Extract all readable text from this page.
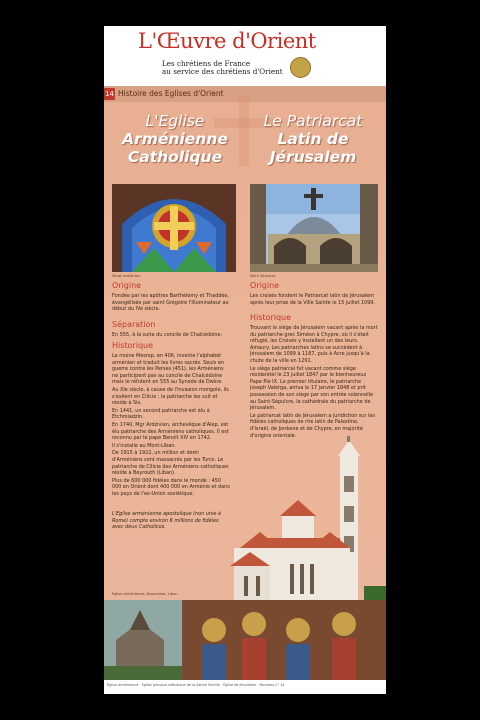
L'Œuvre d'Orient
Les chrétiens de France
au service des chrétiens d'Orient
14 Histoire des Eglises d'Orient
L'Eglise
Arménienne
Catholique
Le Patriarcat
Latin de
Jérusalem
Vitrail arménien	Saint-Sépulcre
Origine
Fondée par les apôtres Barthélemy et Thaddée, évangélisée par saint Grégoire l'Illuminateur au début du IVe siècle.
Séparation
En 555, à la suite du concile de Chalcédoine.
Historique

Le moine Mesrop, en 406, invente l'alphabet arménien et traduit les livres sacrés. Seuls en guerre contre les Perses (451), les Arméniens ne participent pas au concile de Chalcédoine mais le réfutent en 555 au Synode de Dwine.

Au XIe siècle, à cause de l'invasion mongole, ils s'exilent en Cilicie ; le patriarche les suit et réside à Sis.

En 1441, un second patriarche est élu à Etchmiadzin.

En 1740, Mgr Ardzivian, archevêque d'Alep, est élu patriarche des Arméniens catholiques. Il est reconnu par le pape Benoît XIV en 1742.

Il s'installe au Mont-Liban.

De 1915 à 1922, un million et demi d'Arméniens sont massacrés par les Turcs. Le patriarche de Cilicie des Arméniens catholiques réside à Beyrouth (Liban).

Plus de 600 000 fidèles dans le monde : 450 000 en Orient dont 400 000 en Arménie et dans les pays de l'ex-Union soviétique.

L'Eglise arménienne apostolique (non unie à Rome) compte environ 6 millions de fidèles avec deux Catholicos.
Origine
Les croisés fondent le Patriarcat latin de Jérusalem après leur prise de la Ville Sainte le 15 juillet 1099.
Historique

Trouvant le siège de Jérusalem vacant après la mort du patriarche grec Siméon à Chypre, où il s'était réfugié, les Croisés y installent un des leurs. Amaury. Les patriarches latins se succèdent à Jérusalem de 1099 à 1187, puis à Acre jusqu'à la chute de la ville en 1291.

Le siège patriarcal fut vacant comme siège résidentiel le 23 juillet 1847 par le bienheureux Pape Pie IX. Le premier titulaire, le patriarche Joseph Valerga, arriva le 17 janvier 1848 et prit possession de son siège par son entrée solennelle au Saint-Sépulcre, la cathédrale du patriarche de Jérusalem.

Le patriarcat latin de Jérusalem a juridiction sur les fidèles catholiques de rite latin de Palestine, d'Israël, de Jordanie et de Chypre, en majorité d'origine orientale.

Eglise arménienne, Bzoummar, Liban
Église arménienne · Eglise grecque-catholique de la Sainte Famille · Église de Jérusalem · Panneau n° 14
